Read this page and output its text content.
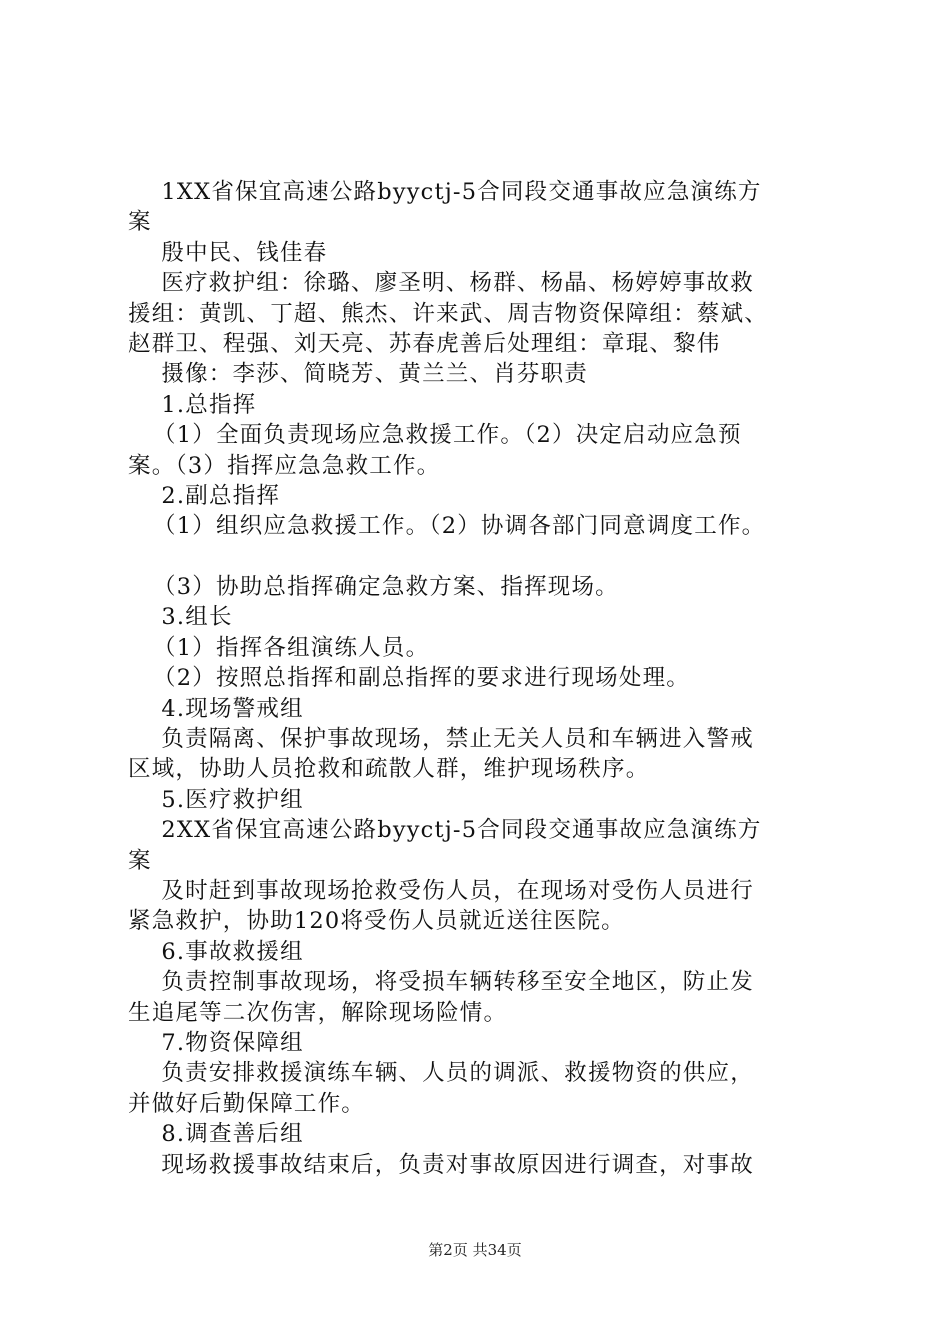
1XX省保宜高速公路byyctj-5合同段交通事故应急演练方
案
殷中民、钱佳春
医疗救护组：徐璐、廖圣明、杨群、杨晶、杨婷婷事故救
援组：黄凯、丁超、熊杰、许来武、周吉物资保障组：蔡斌、
赵群卫、程强、刘天亮、苏春虎善后处理组：章琨、黎伟
摄像：李莎、简晓芳、黄兰兰、肖芬职责
1.总指挥
（1）全面负责现场应急救援工作。（2）决定启动应急预
案。（3）指挥应急急救工作。
2.副总指挥
（1）组织应急救援工作。（2）协调各部门同意调度工作。
（3）协助总指挥确定急救方案、指挥现场。
3.组长
（1）指挥各组演练人员。
（2）按照总指挥和副总指挥的要求进行现场处理。
4.现场警戒组
负责隔离、保护事故现场，禁止无关人员和车辆进入警戒
区域，协助人员抢救和疏散人群，维护现场秩序。
5.医疗救护组
2XX省保宜高速公路byyctj-5合同段交通事故应急演练方
案
及时赶到事故现场抢救受伤人员，在现场对受伤人员进行
紧急救护，协助120将受伤人员就近送往医院。
6.事故救援组
负责控制事故现场，将受损车辆转移至安全地区，防止发
生追尾等二次伤害，解除现场险情。
7.物资保障组
负责安排救援演练车辆、人员的调派、救援物资的供应，
并做好后勤保障工作。
8.调查善后组
现场救援事故结束后，负责对事故原因进行调查，对事故
第2页 共34页
